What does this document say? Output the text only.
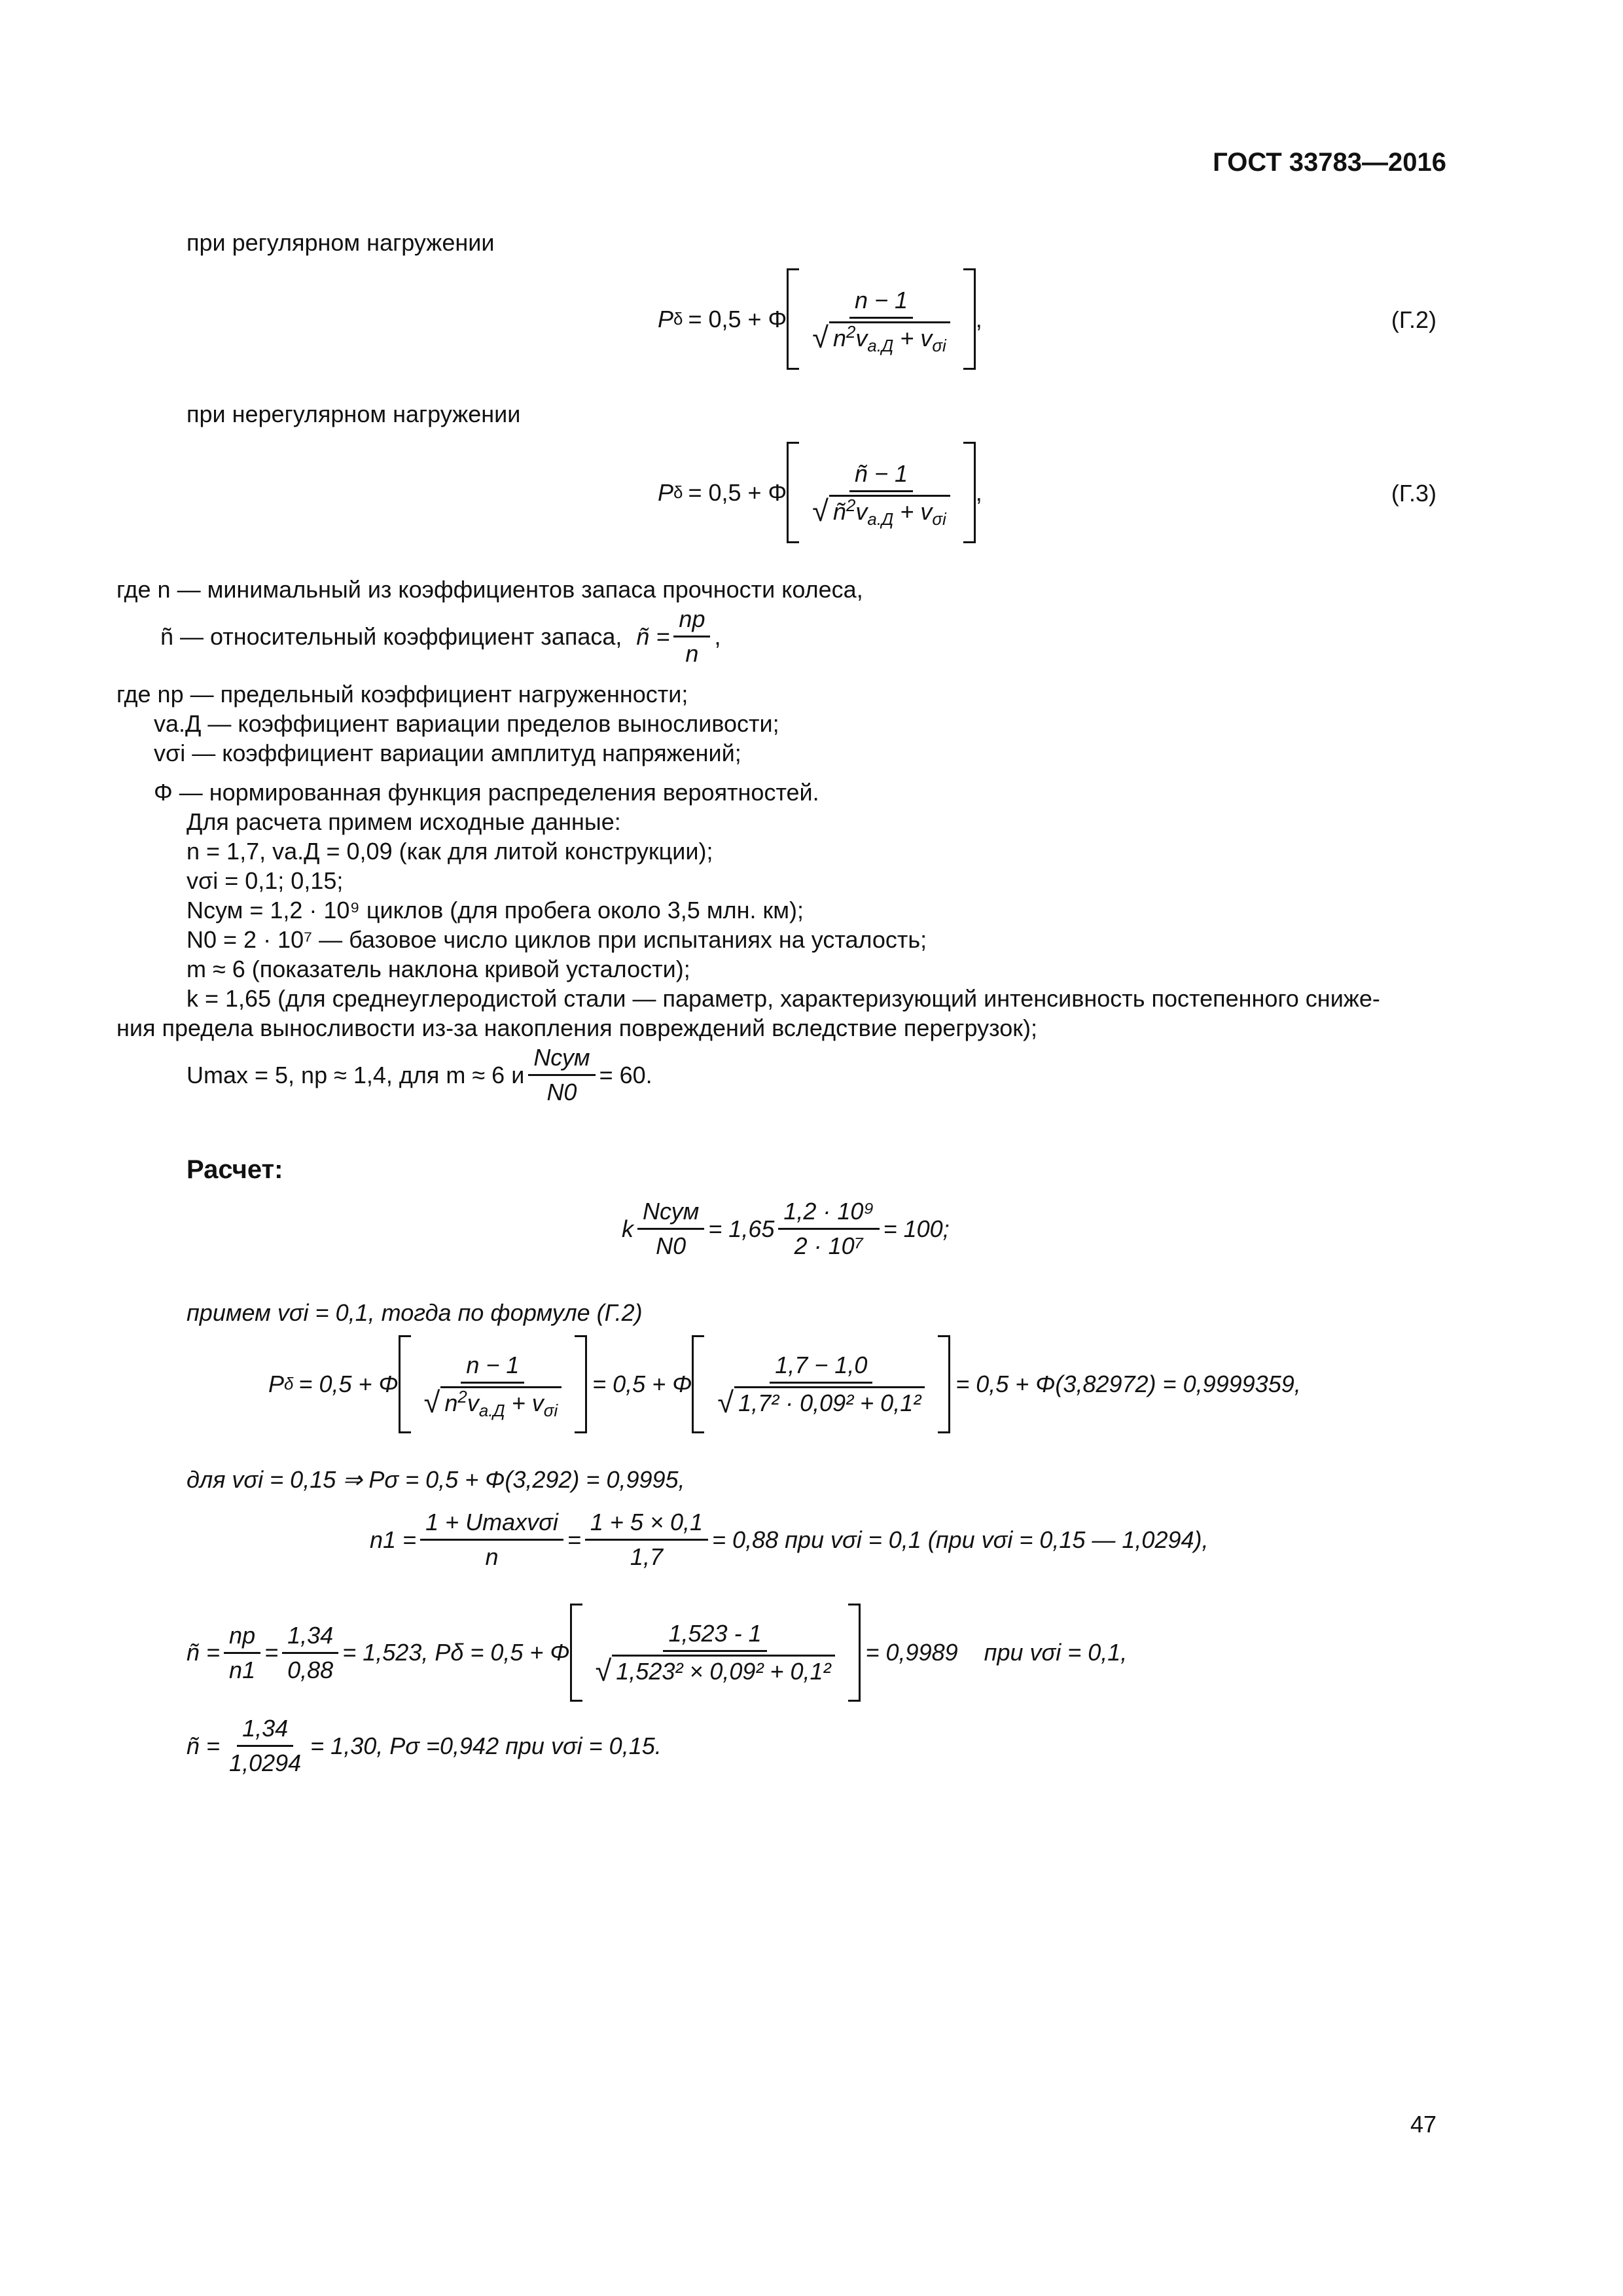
ГОСТ 33783—2016
при регулярном нагружении
P δ = 0,5 + Φ $\frac{n - 1}{√ n^2v_{а.Д} + v_{\sigma i}}$ ,	(Г.2)
при нерегулярном нагружении
P δ = 0,5 + Φ $\frac{ñ - 1}{√ ñ^2v_{а.Д} + v_{\sigma i}}$ ,	(Г.3)
где n — минимальный из коэффициентов запаса прочности колеса,
ñ — относительный коэффициент запаса, ñ = $\frac{np}{n}$ ,
где np — предельный коэффициент нагруженности;
vа.Д — коэффициент вариации пределов выносливости;
vσi — коэффициент вариации амплитуд напряжений;
Φ — нормированная функция распределения вероятностей.
Для расчета примем исходные данные:
n = 1,7, vа.Д = 0,09 (как для литой конструкции);
vσi = 0,1; 0,15;
Nсум = 1,2 · 10⁹ циклов (для пробега около 3,5 млн. км);
N0 = 2 · 10⁷ — базовое число циклов при испытаниях на усталость;
m ≈ 6 (показатель наклона кривой усталости);
k = 1,65 (для среднеуглеродистой стали — параметр, характеризующий интенсивность постепенного сниже-
ния предела выносливости из-за накопления повреждений вследствие перегрузок);
Umax = 5, np ≈ 1,4, для m ≈ 6 и $\frac{\text{Nсум}}{N0} = 60$.
Расчет:
k $\frac{\text{Nсум}}{N0} = 1,65 \frac{\text{1,2 · 10⁹}}{\text{2 · 10⁷}} = 100$;
примем vσi = 0,1, тогда по формуле (Г.2)
P δ = 0,5 + Φ $\frac{n - 1}{√ n^2v_{а.Д} + v_{\sigma i}} = 0,5 + \Phi \frac{1,7 - 1,0}{\text{√ 1,7² · 0,09² + 0,1²}} = 0,5 + \Phi(3,82972) = 0,9999359$,
для vσi = 0,15 ⇒ Pσ = 0,5 + Φ(3,292) = 0,9995,
$n1 = \frac{\text{1 + Umaxvσi}}{n} = \frac{1 + 5 \times 0,1}{1,7} = 0,88$ при vσi = 0,1 (при vσi = 0,15 — 1,0294),
ñ = $\frac{np}{n1} = \frac{1,34}{0,88} = 1,523$, Pδ = 0,5 + Φ $\frac{1,523 - 1}{\text{√ 1,523² × 0,09² + 0,1²}} = 0,9989$ при vσi = 0,1,
ñ = $\frac{1,34}{1,0294} = 1,30$, Pσ =0,942 при vσi = 0,15.
47
